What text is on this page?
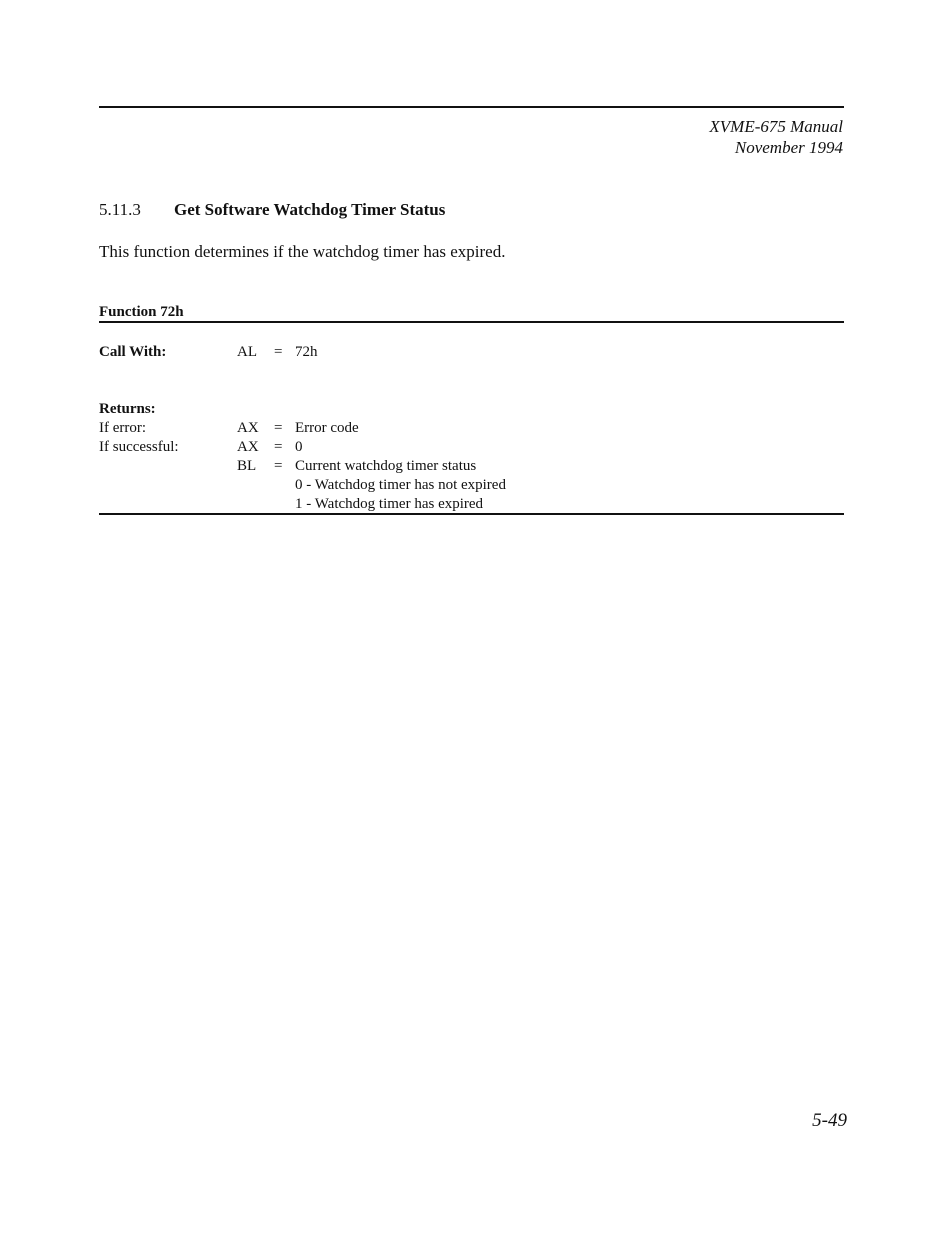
XVME-675 Manual
November 1994
5.11.3 Get Software Watchdog Timer Status
This function determines if the watchdog timer has expired.
Function 72h
Call With:	AL = 72h
Returns:
If error:	AX = Error code
If successful:	AX = 0
BL = Current watchdog timer status
0 - Watchdog timer has not expired
1 - Watchdog timer has expired
5-49
